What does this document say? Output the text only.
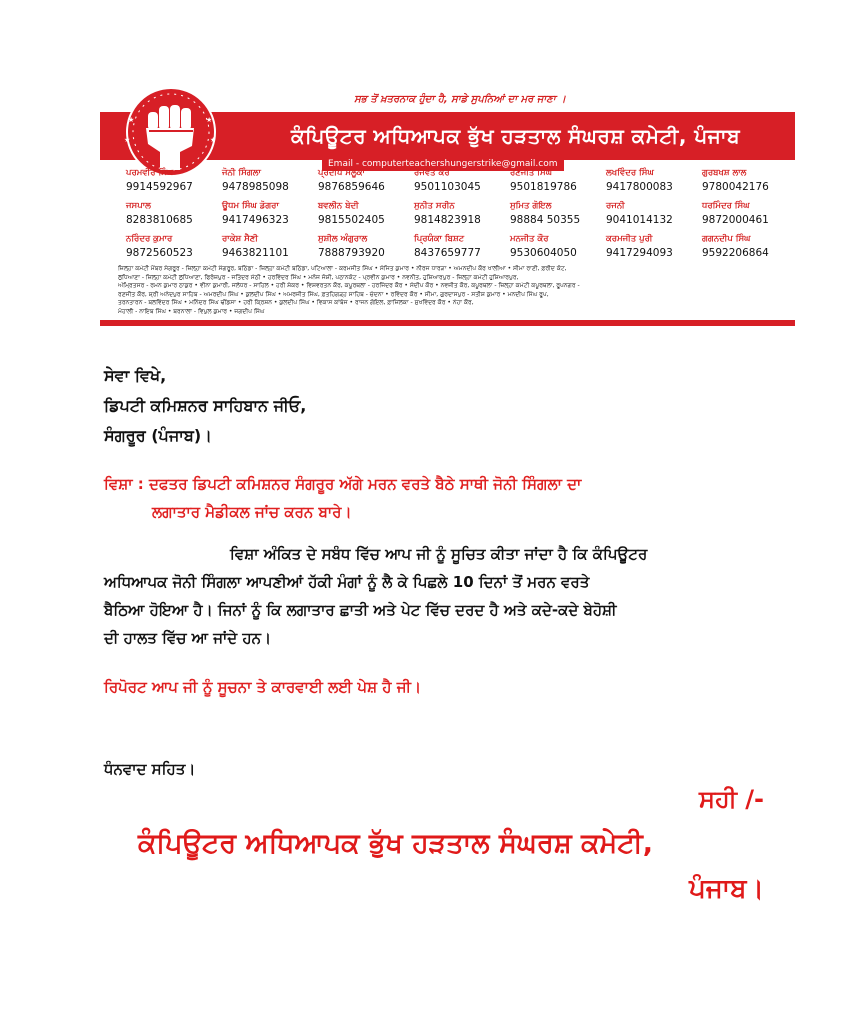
ਸਭ ਤੋਂ ਖ਼ਤਰਨਾਕ ਹੁੰਦਾ ਹੈ, ਸਾਡੇ ਸੁਪਨਿਆਂ ਦਾ ਮਰ ਜਾਣਾ ।
ਕੰਪਿਊਟਰ ਅਧਿਆਪਕ ਭੁੱਖ ਹੜਤਾਲ ਸੰਘਰਸ਼ ਕਮੇਟੀ, ਪੰਜਾਬ
★	★
★	★
Email - computerteachershungerstrike@gmail.com
ਪਰਮਵੀਰ ਸਿੰਘ
9914592967
ਜੋਨੀ ਸਿੰਗਲਾ
9478985098
ਪ੍ਰਦੀਪ ਮਲੂਕਾ
9876859646
ਰਜਵੰਤ ਕੌਰ
9501103045
ਰਣਜੀਤ ਸਿੰਘ
9501819786
ਲਖਵਿੰਦਰ ਸਿੰਘ
9417800083
ਗੁਰਬਖਸ਼ ਲਾਲ
9780042176
ਜਸਪਾਲ
8283810685
ਊਧਮ ਸਿੰਘ ਡੋਗਰਾ
9417496323
ਬਵਲੀਨ ਬੇਦੀ
9815502405
ਸੁਨੀਤ ਸਰੀਨ
9814823918
ਸੁਮਿਤ ਗੋਇਲ
98884 50355
ਰਜਨੀ
9041014132
ਧਰਮਿੰਦਰ ਸਿੰਘ
9872000461
ਨਰਿੰਦਰ ਕੁਮਾਰ
9872560523
ਰਾਕੇਸ਼ ਸੈਣੀ
9463821101
ਸੁਸ਼ੀਲ ਅੰਗੁਰਾਲ
7888793920
ਪ੍ਰਿਯੰਕਾ ਬਿਸ਼ਟ
8437659777
ਮਨਜੀਤ ਕੌਰ
9530604050
ਕਰਮਜੀਤ ਪੁਰੀ
9417294093
ਗਗਨਦੀਪ ਸਿੰਘ
9592206864
ਜ਼ਿਲ੍ਹਾ ਕਮੇਟੀ ਮੈਂਬਰ ਸੰਗਰੂਰ - ਜ਼ਿਲ੍ਹਾ ਕਮੇਟੀ ਸੰਗਰੂਰ, ਬਠਿੰਡਾ - ਜ਼ਿਲ੍ਹਾ ਕਮੇਟੀ ਬਠਿੰਡਾ, ਪਟਿਆਲਾ - ਕਰਮਜੀਤ ਸਿੰਘ • ਸੰਜਿਤ ਕੁਮਾਰ • ਨੀਰਜ ਧਾਰੜਾ • ਅਮਨਦੀਪ ਕੌਰ ਖਾਲੀਆ • ਸੀਮਾ ਰਾਣੀ, ਫ਼ਰੀਦ ਕੋਟ,
ਲੁਧਿਆਣਾ - ਜ਼ਿਲ੍ਹਾ ਕਮੇਟੀ ਲੁਧਿਆਣਾ, ਫਿਰੋਜ਼ਪੁਰ - ਜਤਿੰਦਰ ਸੇਠੀ • ਹਰਵਿੰਦਰ ਸਿੰਘ • ਮਨੋਜ ਜੋਸ਼ੀ, ਪਠਾਨਕੋਟ - ਪ੍ਰਵੀਨ ਕੁਮਾਰ • ਨਵਨੀਤ, ਹੁਸ਼ਿਆਰਪੁਰ - ਜ਼ਿਲ੍ਹਾ ਕਮੇਟੀ ਹੁਸ਼ਿਆਰਪੁਰ,
ਅੰਮ੍ਰਿਤਸਰ - ਰਮਨ ਕੁਮਾਰ ਠਾਕੁਰ • ਵੀਨਾ ਕੁਮਾਰੀ, ਜਲੰਧਰ - ਸਾਹਿਲ • ਹਰੀ ਸ਼ੰਕਰ • ਵਿਸ਼ਵਰਤਨ ਕੌਰ, ਕਪੂਰਥਲਾ - ਹਰਜਿੰਦਰ ਕੌਰ • ਸੰਦੀਪ ਕੌਰ • ਨਵਜੀਤ ਕੌਰ, ਕਪੂਰਥਲਾ - ਜ਼ਿਲ੍ਹਾ ਕਮੇਟੀ ਕਪੂਰਥਲਾ, ਰੂਪਨਗਰ -
ਰਣਜੀਤ ਕੌਰ, ਸ਼੍ਰੀ ਅਨੰਦਪੁਰ ਸਾਹਿਬ - ਅਮਰਦੀਪ ਸਿੰਘ • ਕੁਲਦੀਪ ਸਿੰਘ • ਅਮਰਜੀਤ ਸਿੰਘ, ਫ਼ਤਹਿਗੜ੍ਹ ਸਾਹਿਬ - ਚੰਦਨਾ • ਰਵਿੰਦਰ ਕੌਰ • ਸੀਮਾ, ਗੁਰਦਾਸਪੁਰ - ਸਤੀਸ਼ ਕੁਮਾਰ • ਮਨਦੀਪ ਸਿੰਘ ਰੂਪ,
ਤਰਨਤਾਰਨ - ਬਲਵਿੰਦਰ ਸਿੰਘ • ਮਨਿੰਦਰ ਸਿੰਘ ਢੀਂਡਸਾ • ਹਰੀ ਕ੍ਰਿਸ਼ਨ • ਕੁਲਦੀਪ ਸਿੰਘ • ਵਿਕਾਸ ਕਾਂਬੋਜ • ਰਾਜਨ ਗੋਇਲ, ਫ਼ਾਜ਼ਿਲਕਾ - ਸੁਖਵਿੰਦਰ ਕੌਰ • ਨੇਹਾ ਕੌਰ,
ਮੋਹਾਲੀ - ਨਾਇਬ ਸਿੰਘ • ਬਰਨਾਲਾ - ਵਿਪੁਲ ਕੁਮਾਰ • ਜਗਦੀਪ ਸਿੰਘ
ਸੇਵਾ ਵਿਖੇ,
ਡਿਪਟੀ ਕਮਿਸ਼ਨਰ ਸਾਹਿਬਾਨ ਜੀਓ,
ਸੰਗਰੂਰ (ਪੰਜਾਬ)।
ਵਿਸ਼ਾ : ਦਫਤਰ ਡਿਪਟੀ ਕਮਿਸ਼ਨਰ ਸੰਗਰੂਰ ਅੱਗੇ ਮਰਨ ਵਰਤੇ ਬੈਠੇ ਸਾਥੀ ਜੋਨੀ ਸਿੰਗਲਾ ਦਾ
ਲਗਾਤਾਰ ਮੈਡੀਕਲ ਜਾਂਚ ਕਰਨ ਬਾਰੇ।
ਵਿਸ਼ਾ ਅੰਕਿਤ ਦੇ ਸਬੰਧ ਵਿੱਚ ਆਪ ਜੀ ਨੂੰ ਸੂਚਿਤ ਕੀਤਾ ਜਾਂਦਾ ਹੈ ਕਿ ਕੰਪਿਊਟਰ
ਅਧਿਆਪਕ ਜੋਨੀ ਸਿੰਗਲਾ ਆਪਣੀਆਂ ਹੱਕੀ ਮੰਗਾਂ ਨੂੰ ਲੈ ਕੇ ਪਿਛਲੇ 10 ਦਿਨਾਂ ਤੋਂ ਮਰਨ ਵਰਤੇ
ਬੈਠਿਆ ਹੋਇਆ ਹੈ। ਜਿਨਾਂ ਨੂੰ ਕਿ ਲਗਾਤਾਰ ਛਾਤੀ ਅਤੇ ਪੇਟ ਵਿੱਚ ਦਰਦ ਹੈ ਅਤੇ ਕਦੇ-ਕਦੇ ਬੇਹੋਸ਼ੀ
ਦੀ ਹਾਲਤ ਵਿੱਚ ਆ ਜਾਂਦੇ ਹਨ।
ਰਿਪੋਰਟ ਆਪ ਜੀ ਨੂੰ ਸੂਚਨਾ ਤੇ ਕਾਰਵਾਈ ਲਈ ਪੇਸ਼ ਹੈ ਜੀ।
ਧੰਨਵਾਦ ਸਹਿਤ।
ਸਹੀ /-
ਕੰਪਿਊਟਰ ਅਧਿਆਪਕ ਭੁੱਖ ਹੜਤਾਲ ਸੰਘਰਸ਼ ਕਮੇਟੀ,
ਪੰਜਾਬ।
